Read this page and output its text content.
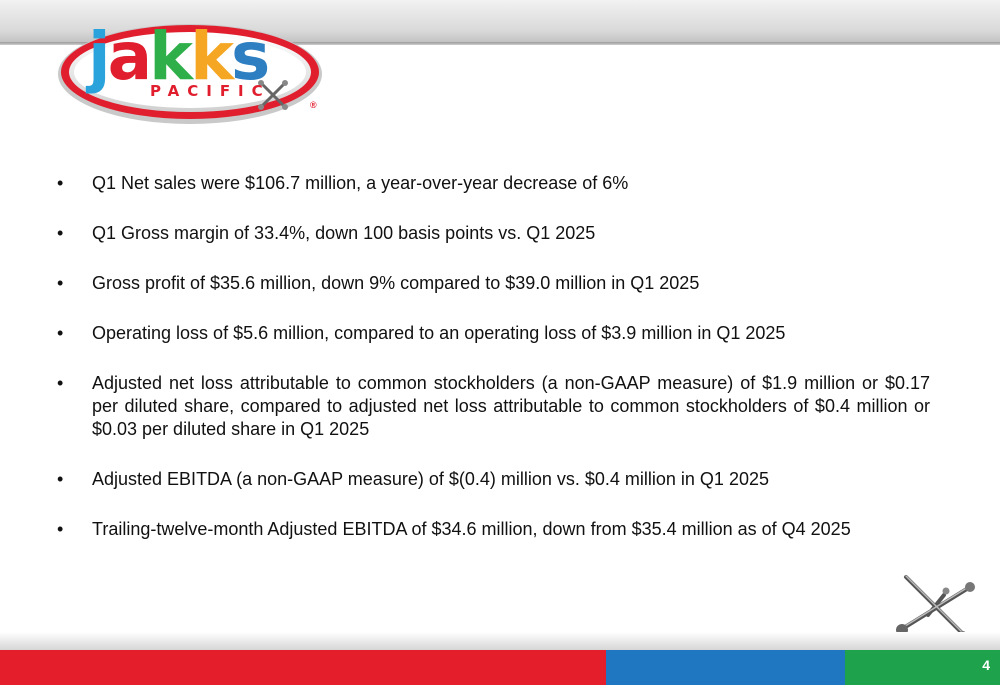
jakks
PACIFIC
®
•	Q1 Net sales were $106.7 million, a year-over-year decrease of 6%
•	Q1 Gross margin of 33.4%, down 100 basis points vs. Q1 2025
•	Gross profit of $35.6 million, down 9% compared to $39.0 million in Q1 2025
•	Operating loss of $5.6 million, compared to an operating loss of $3.9 million in Q1 2025
•	Adjusted net loss attributable to common stockholders (a non-GAAP measure) of $1.9 million or $0.17 per diluted share, compared to adjusted net loss attributable to common stockholders of $0.4 million or $0.03 per diluted share in Q1 2025
•	Adjusted EBITDA (a non-GAAP measure) of $(0.4) million vs. $0.4 million in Q1 2025
•	Trailing-twelve-month Adjusted EBITDA of $34.6 million, down from $35.4 million as of Q4 2025
4
